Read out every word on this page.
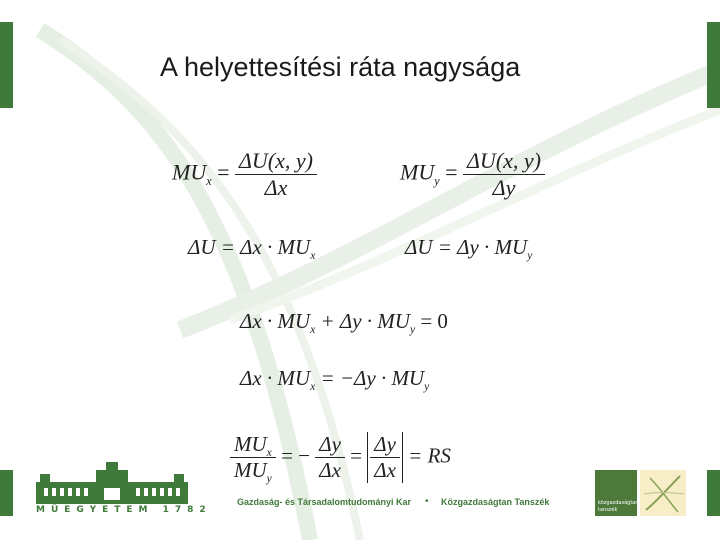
A helyettesítési ráta nagysága
$MU_x = \frac{\Delta U(x, y)}{\Delta x}$	$MU_y = \frac{\Delta U(x, y)}{\Delta y}$
$\Delta U = \Delta x \cdot MU_x$	$\Delta U = \Delta y \cdot MU_y$
$\Delta x \cdot MU_x + \Delta y \cdot MU_y = 0$
$\Delta x \cdot MU_x = -\Delta y \cdot MU_y$
$\frac{MU_x}{MU_y}$ = − $\frac{\Delta y}{\Delta x} = \frac{\Delta y}{\Delta x}$ = RS
MŰEGYETEM 1782
Gazdaság- és Társadalomtudományi Kar • Közgazdaságtan Tanszék	közgazdaságtan
tanszék
